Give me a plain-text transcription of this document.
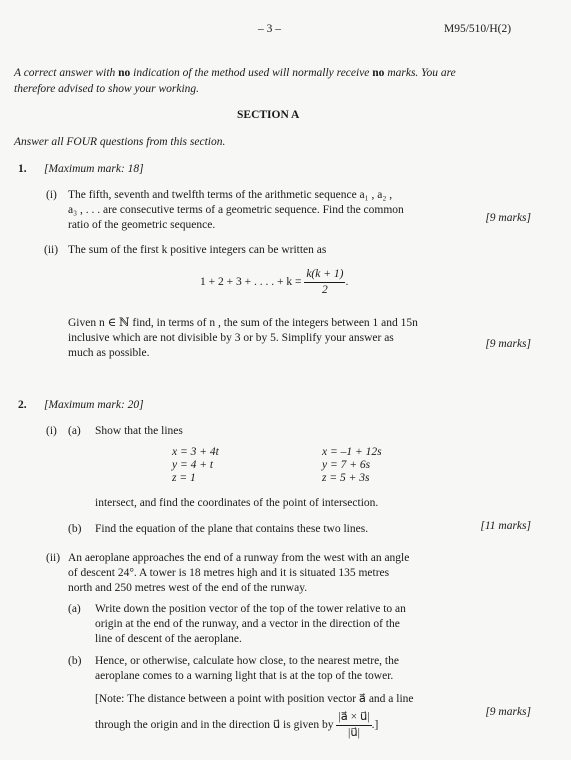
– 3 –	M95/510/H(2)
A correct answer with no indication of the method used will normally receive no marks. You are
therefore advised to show your working.
SECTION A
Answer all FOUR questions from this section.
1. [Maximum mark: 18]
(i) The fifth, seventh and twelfth terms of the arithmetic sequence a₁ , a₂ ,
a₃ , . . . are consecutive terms of a geometric sequence. Find the common
ratio of the geometric sequence.
[9 marks]
(ii) The sum of the first k positive integers can be written as
1 + 2 + 3 + . . . . + $k = \frac{k(k + 1)}{2}$ .
Given n ∈ ℕ find, in terms of n , the sum of the integers between 1 and 15n
inclusive which are not divisible by 3 or by 5. Simplify your answer as
much as possible.
[9 marks]
2. [Maximum mark: 20]
(i) (a) Show that the lines
x = 3 + 4t
y = 4 + t
z = 1
x = –1 + 12s
y = 7 + 6s
z = 5 + 3s
intersect, and find the coordinates of the point of intersection.
(b) Find the equation of the plane that contains these two lines.	[11 marks]
(ii) An aeroplane approaches the end of a runway from the west with an angle
of descent 24°. A tower is 18 metres high and it is situated 135 metres
north and 250 metres west of the end of the runway.
(a) Write down the position vector of the top of the tower relative to an
origin at the end of the runway, and a vector in the direction of the
line of descent of the aeroplane.
(b) Hence, or otherwise, calculate how close, to the nearest metre, the
aeroplane comes to a warning light that is at the top of the tower.
[Note: The distance between a point with position vector a⃗ and a line
through the origin and in the direction u⃗ is given by $\frac{|a⃗ \times u⃗|}{|u⃗|}$ .]
[9 marks]
